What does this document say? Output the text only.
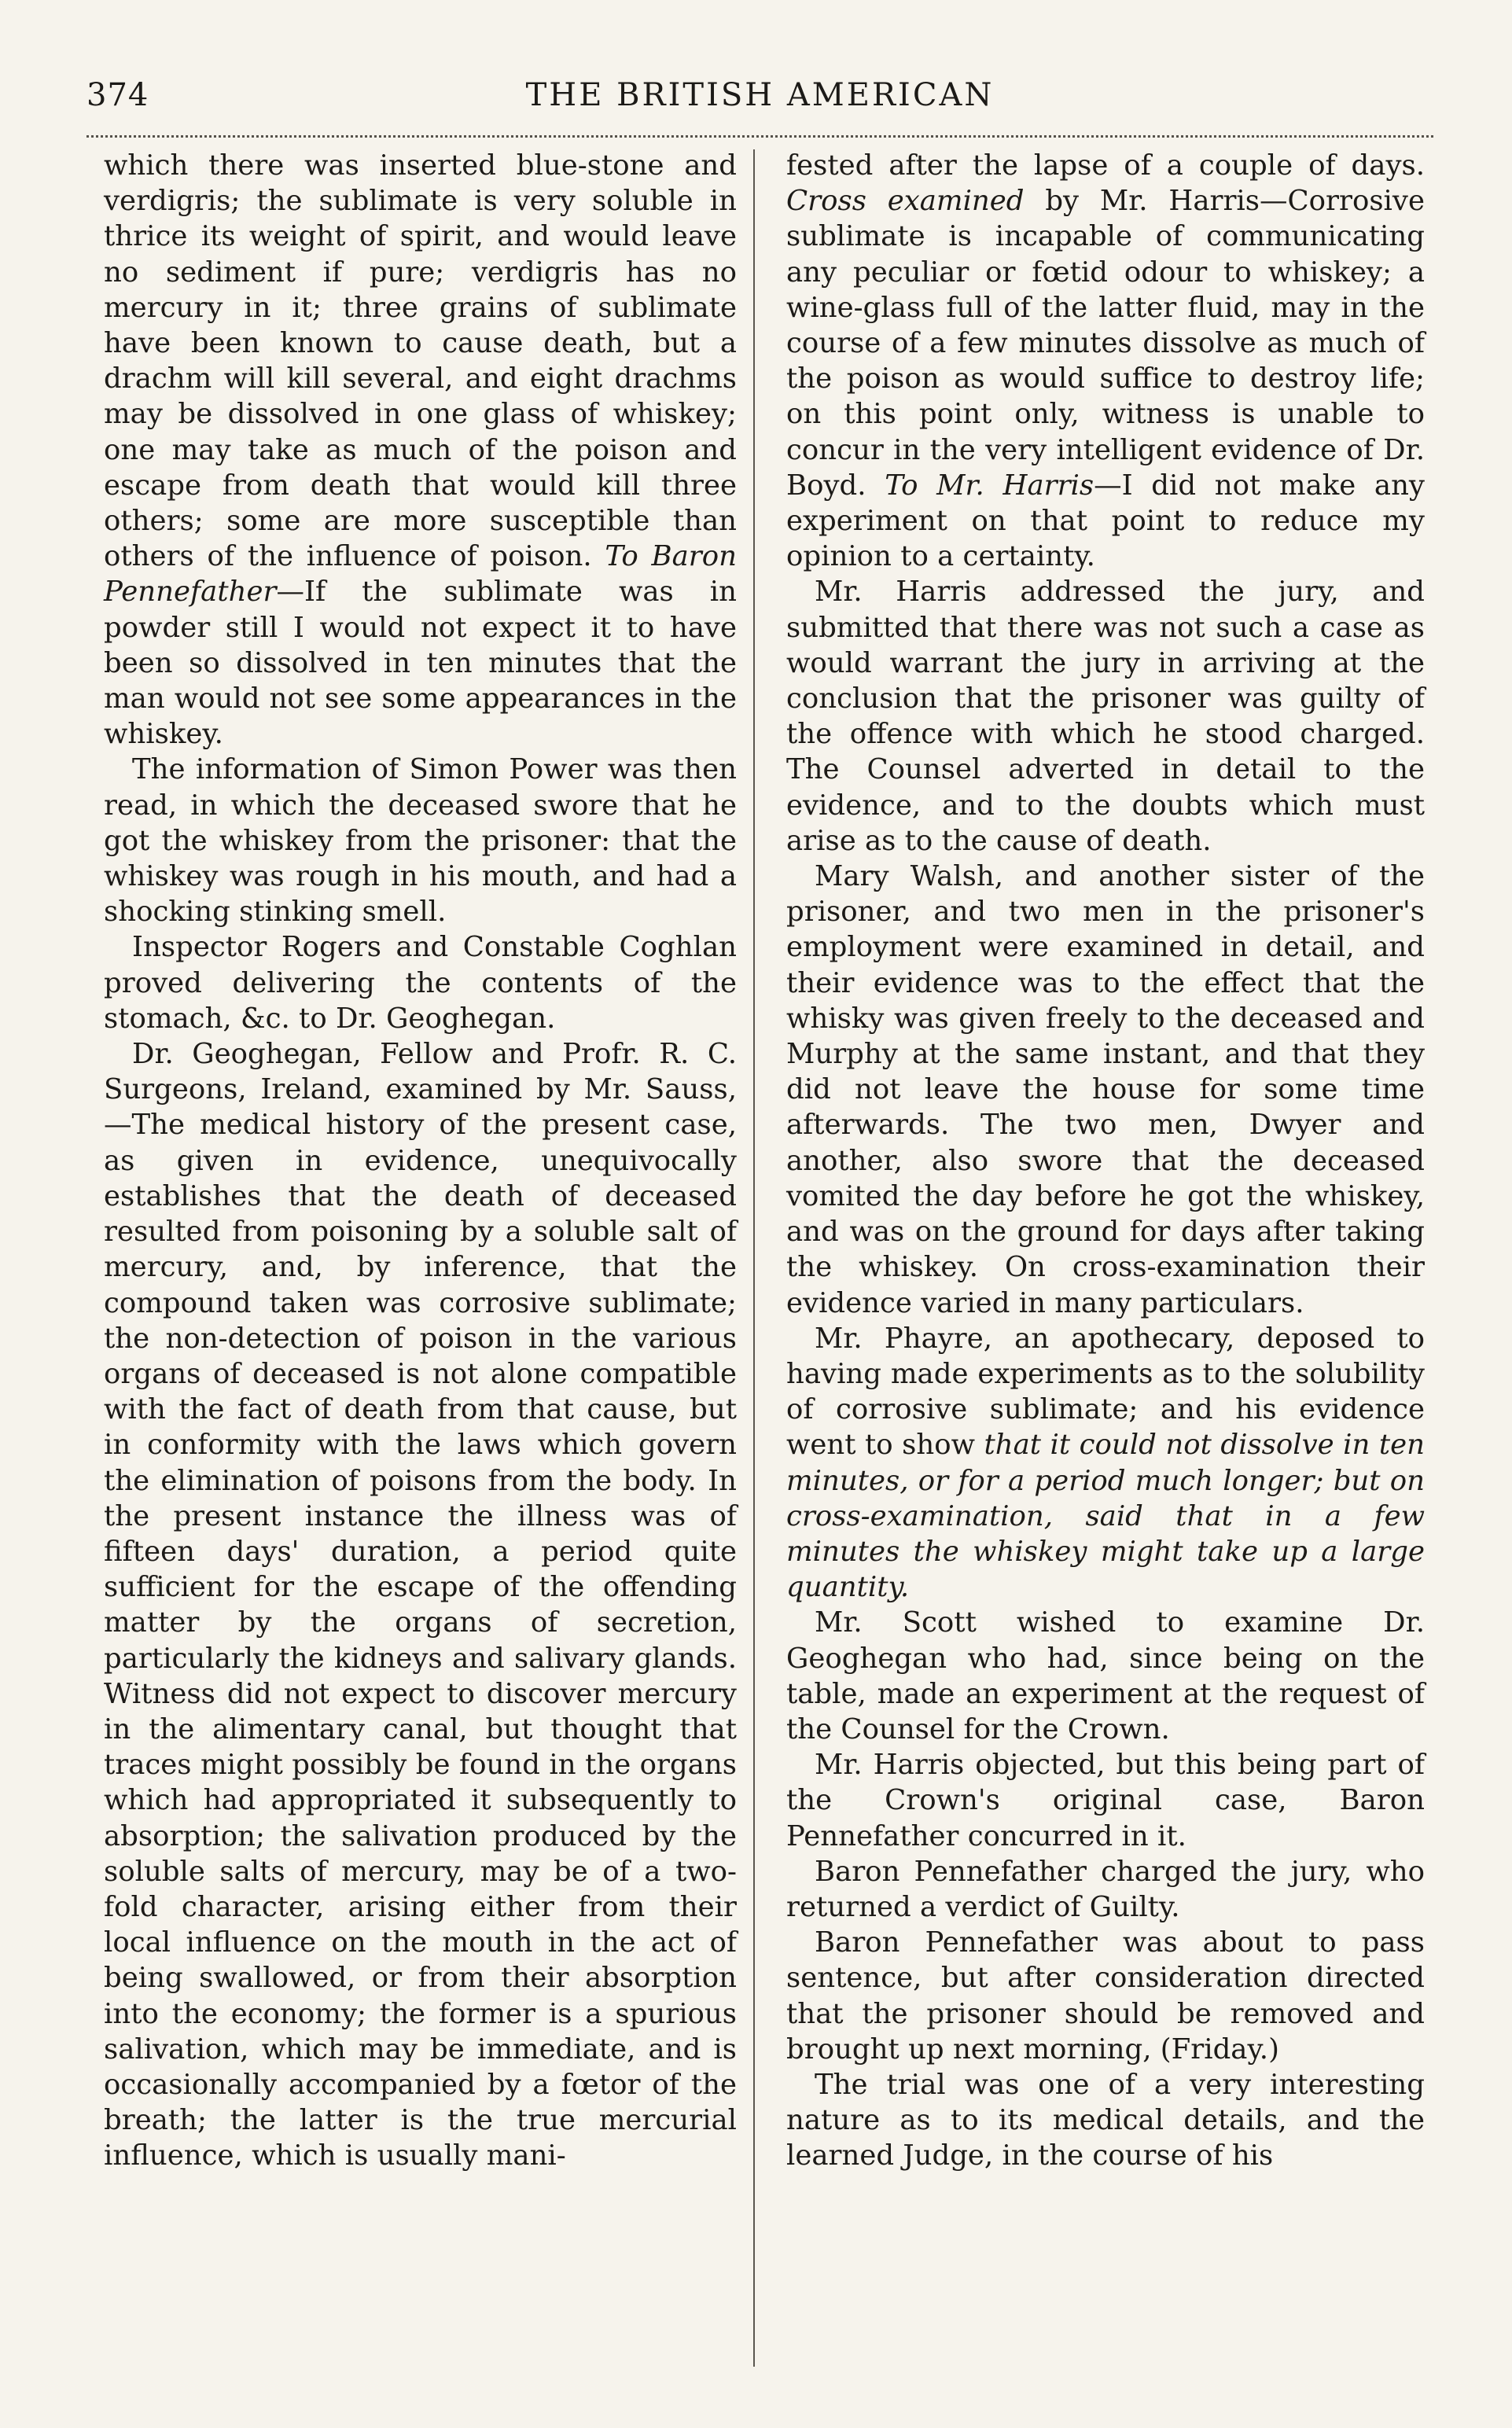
374	THE BRITISH AMERICAN

which there was inserted blue-stone and verdigris; the sublimate is very soluble in thrice its weight of spirit, and would leave no sediment if pure; verdigris has no mercury in it; three grains of sublimate have been known to cause death, but a drachm will kill several, and eight drachms may be dissolved in one glass of whiskey; one may take as much of the poison and escape from death that would kill three others; some are more susceptible than others of the influence of poison. To Baron Pennefather—If the sublimate was in powder still I would not expect it to have been so dissolved in ten minutes that the man would not see some appearances in the whiskey.

The information of Simon Power was then read, in which the deceased swore that he got the whiskey from the prisoner: that the whiskey was rough in his mouth, and had a shocking stinking smell.

Inspector Rogers and Constable Coghlan proved delivering the contents of the stomach, &c. to Dr. Geoghegan.

Dr. Geoghegan, Fellow and Profr. R. C. Surgeons, Ireland, examined by Mr. Sauss,—The medical history of the present case, as given in evidence, unequivocally establishes that the death of deceased resulted from poisoning by a soluble salt of mercury, and, by inference, that the compound taken was corrosive sublimate; the non-detection of poison in the various organs of deceased is not alone compatible with the fact of death from that cause, but in conformity with the laws which govern the elimination of poisons from the body. In the present instance the illness was of fifteen days' duration, a period quite sufficient for the escape of the offending matter by the organs of secretion, particularly the kidneys and salivary glands. Witness did not expect to discover mercury in the alimentary canal, but thought that traces might possibly be found in the organs which had appropriated it subsequently to absorption; the salivation produced by the soluble salts of mercury, may be of a two-fold character, arising either from their local influence on the mouth in the act of being swallowed, or from their absorption into the economy; the former is a spurious salivation, which may be immediate, and is occasionally accompanied by a fœtor of the breath; the latter is the true mercurial influence, which is usually mani-

fested after the lapse of a couple of days. Cross examined by Mr. Harris—Corrosive sublimate is incapable of communicating any peculiar or fœtid odour to whiskey; a wine-glass full of the latter fluid, may in the course of a few minutes dissolve as much of the poison as would suffice to destroy life; on this point only, witness is unable to concur in the very intelligent evidence of Dr. Boyd. To Mr. Harris—I did not make any experiment on that point to reduce my opinion to a certainty.

Mr. Harris addressed the jury, and submitted that there was not such a case as would warrant the jury in arriving at the conclusion that the prisoner was guilty of the offence with which he stood charged. The Counsel adverted in detail to the evidence, and to the doubts which must arise as to the cause of death.

Mary Walsh, and another sister of the prisoner, and two men in the prisoner's employment were examined in detail, and their evidence was to the effect that the whisky was given freely to the deceased and Murphy at the same instant, and that they did not leave the house for some time afterwards. The two men, Dwyer and another, also swore that the deceased vomited the day before he got the whiskey, and was on the ground for days after taking the whiskey. On cross-examination their evidence varied in many particulars.

Mr. Phayre, an apothecary, deposed to having made experiments as to the solubility of corrosive sublimate; and his evidence went to show that it could not dissolve in ten minutes, or for a period much longer; but on cross-examination, said that in a few minutes the whiskey might take up a large quantity.

Mr. Scott wished to examine Dr. Geoghegan who had, since being on the table, made an experiment at the request of the Counsel for the Crown.

Mr. Harris objected, but this being part of the Crown's original case, Baron Pennefather concurred in it.

Baron Pennefather charged the jury, who returned a verdict of Guilty.

Baron Pennefather was about to pass sentence, but after consideration directed that the prisoner should be removed and brought up next morning, (Friday.)

The trial was one of a very interesting nature as to its medical details, and the learned Judge, in the course of his
